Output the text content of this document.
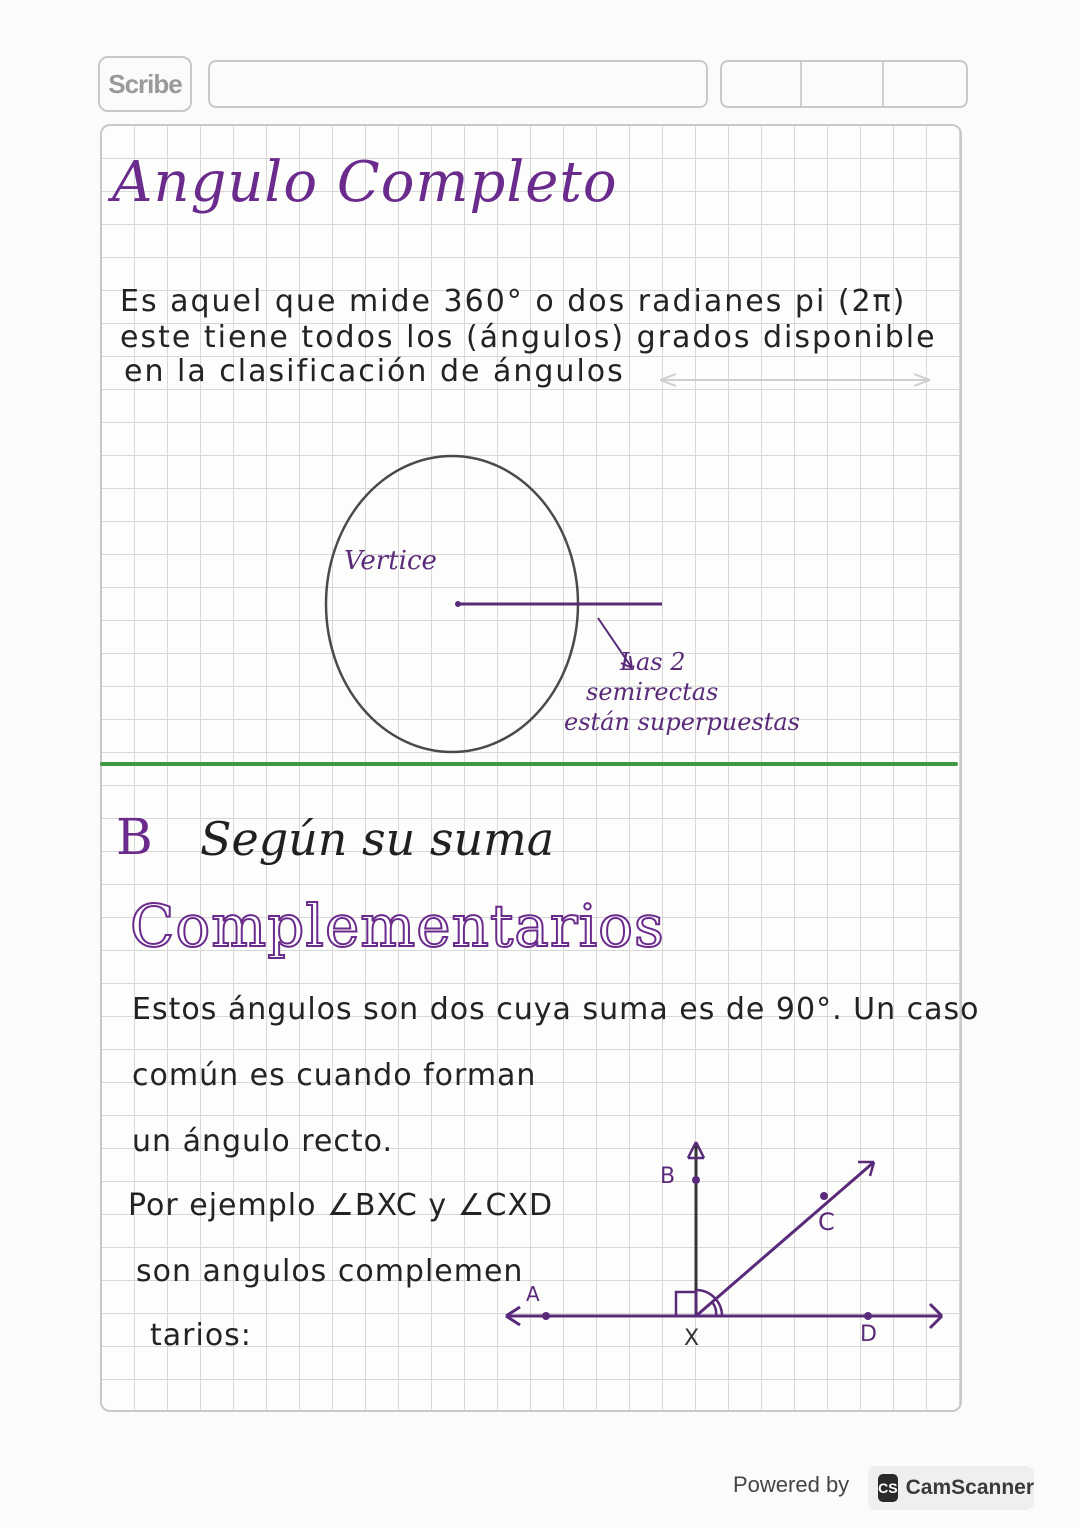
Scribe
Angulo Completo
Es aquel que mide 360° o dos radianes pi (2π)
este tiene todos los (ángulos) grados disponible
en la clasificación de ángulos
Vertice
Las 2
semirectas
están superpuestas
B Según su suma
Complementarios
Estos ángulos son dos cuya suma es de 90°. Un caso
común es cuando forman
un ángulo recto.
Por ejemplo ∠BXC y ∠CXD
son angulos complemen
tarios:
A
B
C
D
X
Powered by CS CamScanner
